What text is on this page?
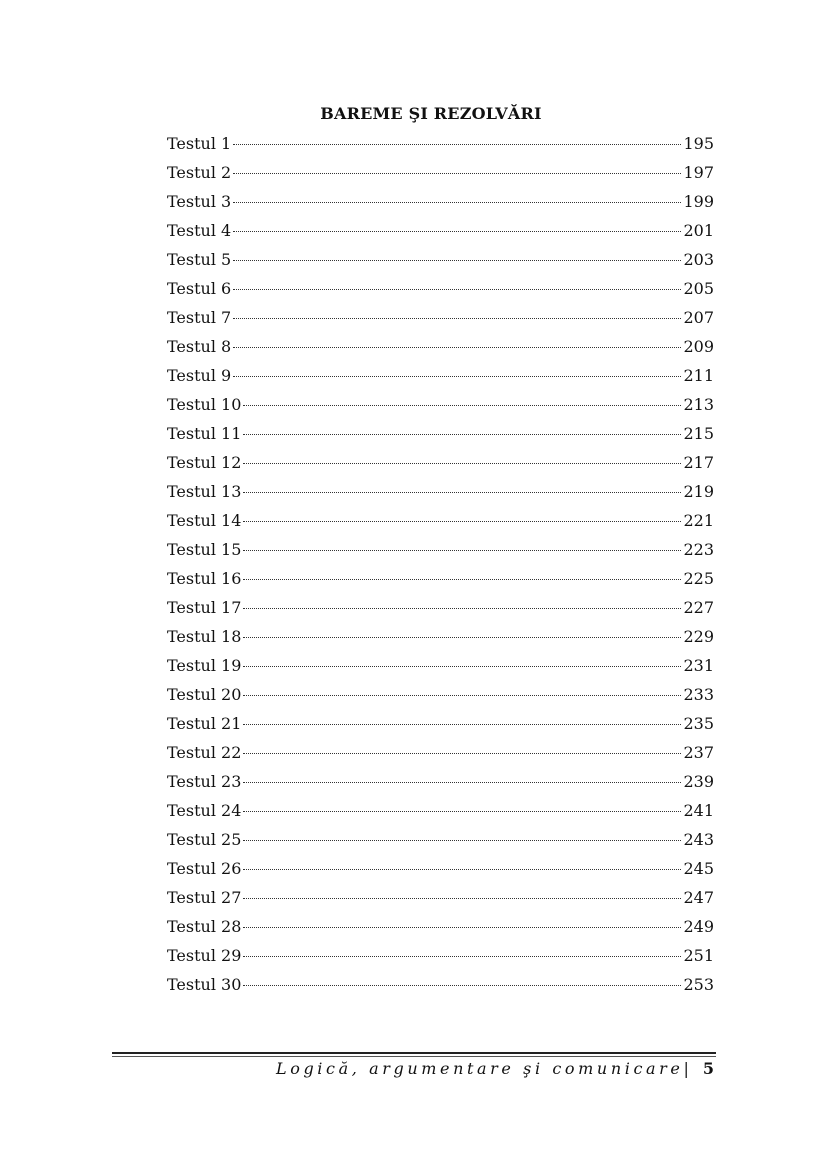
BAREME ŞI REZOLVĂRI
Testul 1	195
Testul 2	197
Testul 3	199
Testul 4	201
Testul 5	203
Testul 6	205
Testul 7	207
Testul 8	209
Testul 9	211
Testul 10	213
Testul 11	215
Testul 12	217
Testul 13	219
Testul 14	221
Testul 15	223
Testul 16	225
Testul 17	227
Testul 18	229
Testul 19	231
Testul 20	233
Testul 21	235
Testul 22	237
Testul 23	239
Testul 24	241
Testul 25	243
Testul 26	245
Testul 27	247
Testul 28	249
Testul 29	251
Testul 30	253
Logică, argumentare şi comunicare| 5
